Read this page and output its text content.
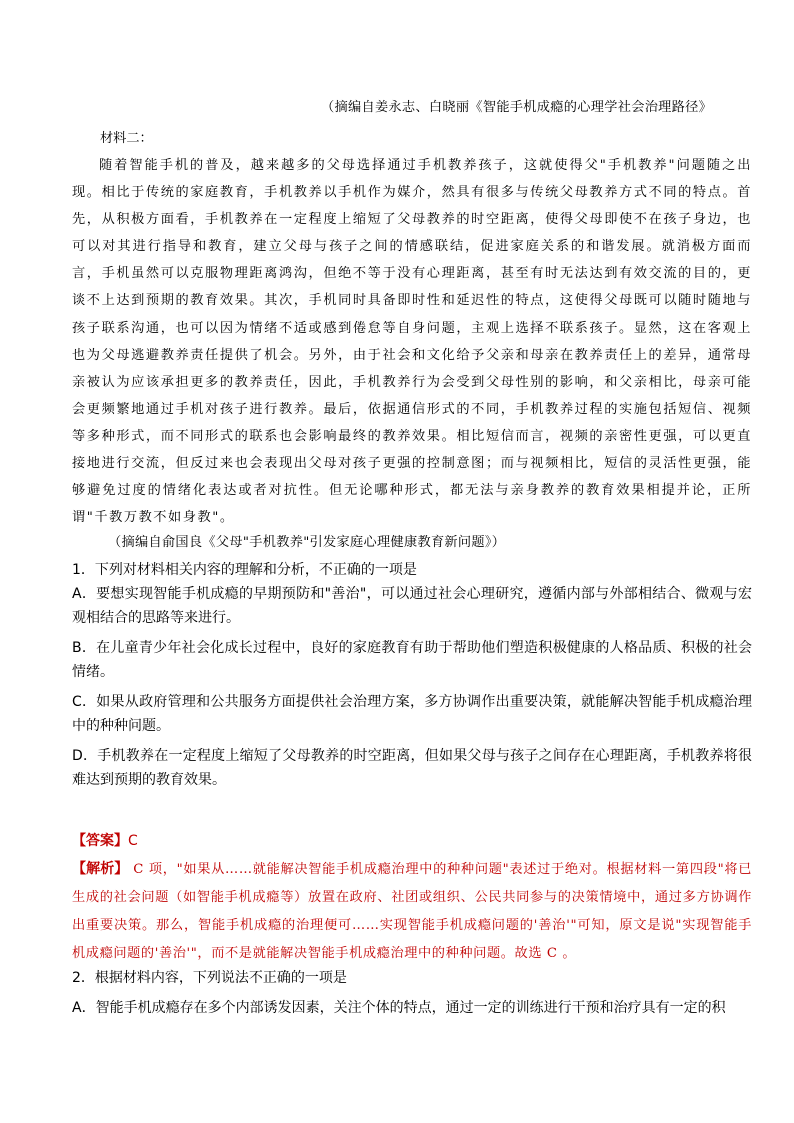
（摘编自姜永志、白晓丽《智能手机成瘾的心理学社会治理路径》
材料二：
随着智能手机的普及，越来越多的父母选择通过手机教养孩子，这就使得父"手机教养"问题随之出现。相比于传统的家庭教育，手机教养以手机作为媒介，然具有很多与传统父母教养方式不同的特点。首先，从积极方面看，手机教养在一定程度上缩短了父母教养的时空距离，使得父母即使不在孩子身边，也可以对其进行指导和教育，建立父母与孩子之间的情感联结，促进家庭关系的和谐发展。就消极方面而言，手机虽然可以克服物理距离鸿沟，但绝不等于没有心理距离，甚至有时无法达到有效交流的目的，更谈不上达到预期的教育效果。其次，手机同时具备即时性和延迟性的特点，这使得父母既可以随时随地与孩子联系沟通，也可以因为情绪不适或感到倦怠等自身问题，主观上选择不联系孩子。显然，这在客观上也为父母逃避教养责任提供了机会。另外，由于社会和文化给予父亲和母亲在教养责任上的差异，通常母亲被认为应该承担更多的教养责任，因此，手机教养行为会受到父母性别的影响，和父亲相比，母亲可能会更频繁地通过手机对孩子进行教养。最后，依据通信形式的不同，手机教养过程的实施包括短信、视频等多种形式，而不同形式的联系也会影响最终的教养效果。相比短信而言，视频的亲密性更强，可以更直接地进行交流，但反过来也会表现出父母对孩子更强的控制意图；而与视频相比，短信的灵活性更强，能够避免过度的情绪化表达或者对抗性。但无论哪种形式，都无法与亲身教养的教育效果相提并论，正所谓"千教万教不如身教"。
（摘编自俞国良《父母"手机教养"引发家庭心理健康教育新问题》）
1．下列对材料相关内容的理解和分析，不正确的一项是
A．要想实现智能手机成瘾的早期预防和"善治"，可以通过社会心理研究，遵循内部与外部相结合、微观与宏观相结合的思路等来进行。
B．在儿童青少年社会化成长过程中，良好的家庭教育有助于帮助他们塑造积极健康的人格品质、积极的社会情绪。
C．如果从政府管理和公共服务方面提供社会治理方案，多方协调作出重要决策，就能解决智能手机成瘾治理中的种种问题。
D．手机教养在一定程度上缩短了父母教养的时空距离，但如果父母与孩子之间存在心理距离，手机教养将很难达到预期的教育效果。
【答案】C
【解析】 C 项，"如果从……就能解决智能手机成瘾治理中的种种问题"表述过于绝对。根据材料一第四段"将已生成的社会问题（如智能手机成瘾等）放置在政府、社团或组织、公民共同参与的决策情境中，通过多方协调作出重要决策。那么，智能手机成瘾的治理便可……实现智能手机成瘾问题的'善治'"可知，原文是说"实现智能手机成瘾问题的'善治'"，而不是就能解决智能手机成瘾治理中的种种问题。故选 C 。
2．根据材料内容，下列说法不正确的一项是
A．智能手机成瘾存在多个内部诱发因素，关注个体的特点，通过一定的训练进行干预和治疗具有一定的积
